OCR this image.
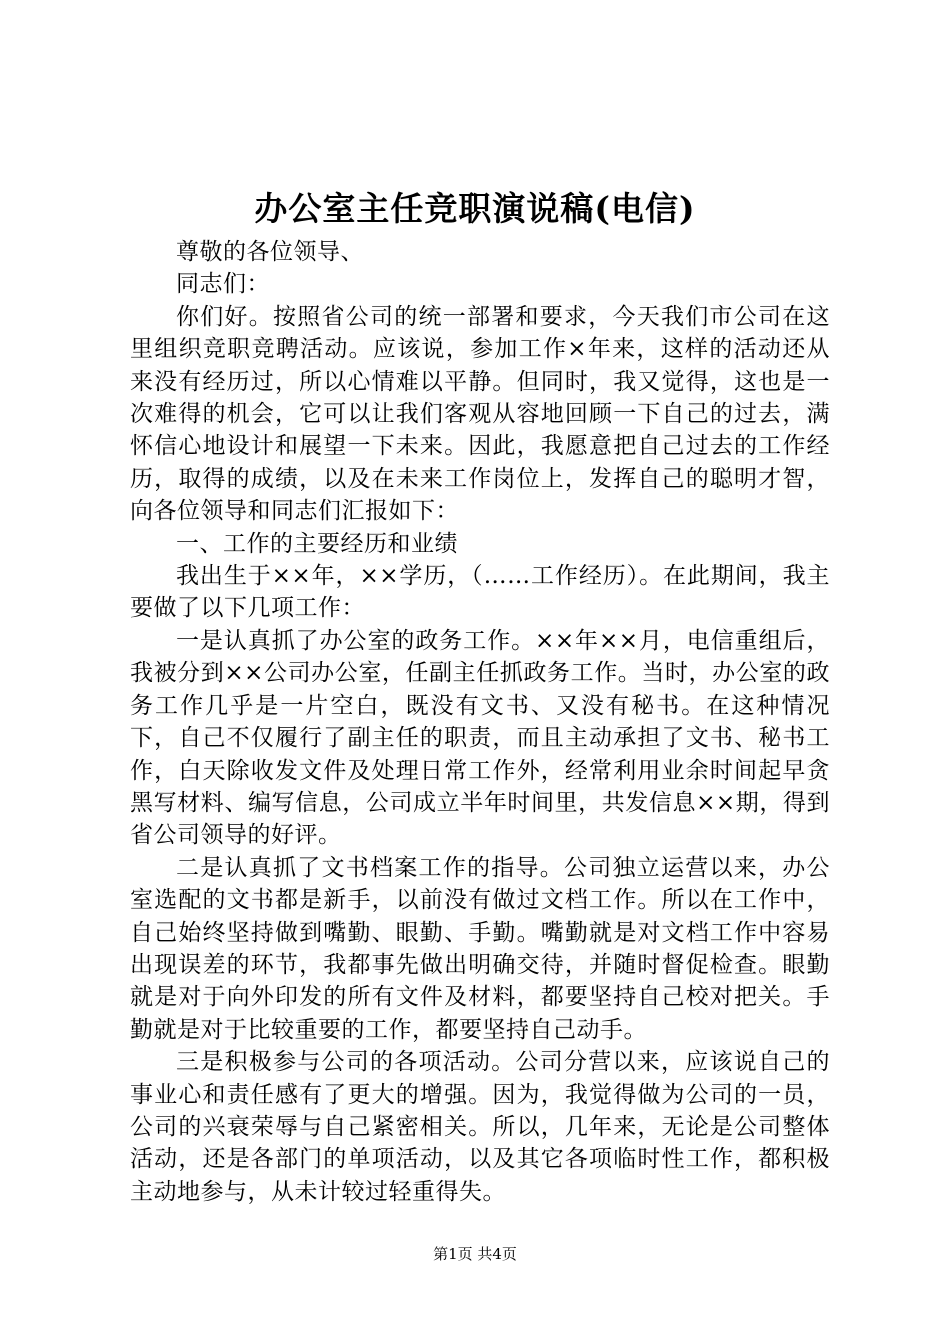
办公室主任竞职演说稿(电信)

尊敬的各位领导、

同志们：

你们好。按照省公司的统一部署和要求，今天我们市公司在这里组织竞职竞聘活动。应该说，参加工作×年来，这样的活动还从来没有经历过，所以心情难以平静。但同时，我又觉得，这也是一次难得的机会，它可以让我们客观从容地回顾一下自己的过去，满怀信心地设计和展望一下未来。因此，我愿意把自己过去的工作经历，取得的成绩，以及在未来工作岗位上，发挥自己的聪明才智，向各位领导和同志们汇报如下：

一、工作的主要经历和业绩

我出生于××年，××学历，（……工作经历）。在此期间，我主要做了以下几项工作：

一是认真抓了办公室的政务工作。××年××月，电信重组后，我被分到××公司办公室，任副主任抓政务工作。当时，办公室的政务工作几乎是一片空白，既没有文书、又没有秘书。在这种情况下，自己不仅履行了副主任的职责，而且主动承担了文书、秘书工作，白天除收发文件及处理日常工作外，经常利用业余时间起早贪黑写材料、编写信息，公司成立半年时间里，共发信息××期，得到省公司领导的好评。

二是认真抓了文书档案工作的指导。公司独立运营以来，办公室选配的文书都是新手，以前没有做过文档工作。所以在工作中，自己始终坚持做到嘴勤、眼勤、手勤。嘴勤就是对文档工作中容易出现误差的环节，我都事先做出明确交待，并随时督促检查。眼勤就是对于向外印发的所有文件及材料，都要坚持自己校对把关。手勤就是对于比较重要的工作，都要坚持自己动手。

三是积极参与公司的各项活动。公司分营以来，应该说自己的事业心和责任感有了更大的增强。因为，我觉得做为公司的一员，公司的兴衰荣辱与自己紧密相关。所以，几年来，无论是公司整体活动，还是各部门的单项活动，以及其它各项临时性工作，都积极主动地参与，从未计较过轻重得失。

第1页 共4页
